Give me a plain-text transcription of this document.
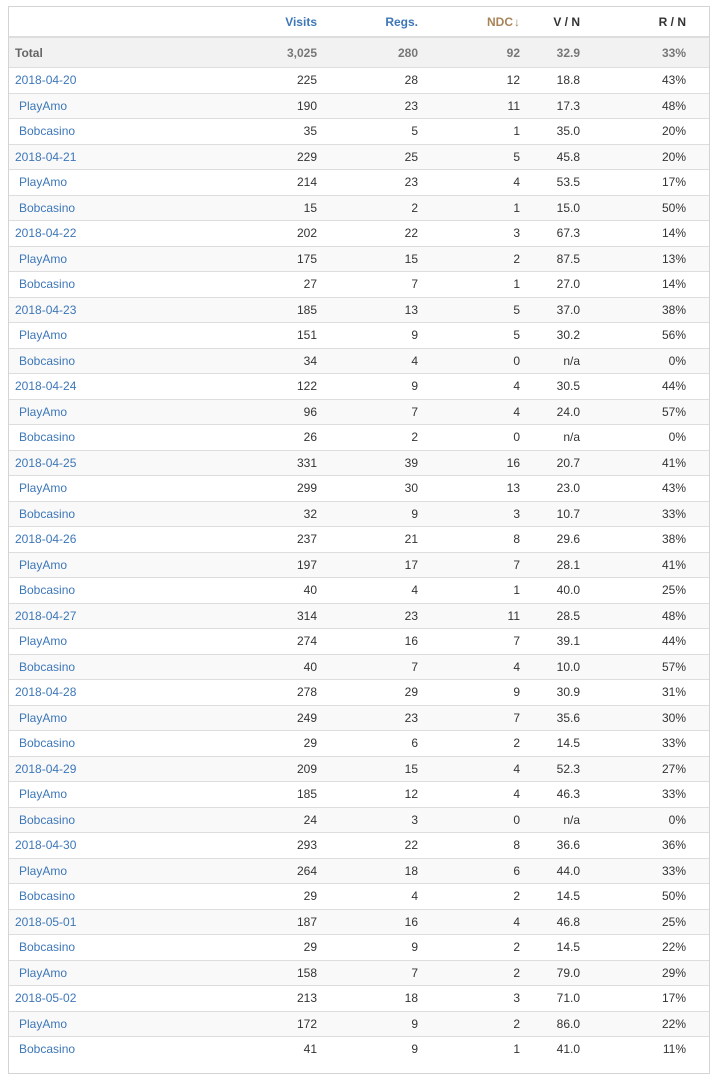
	Visits	Regs.	NDC↓	V / N	R / N
Total	3,025	280	92	32.9	33%
2018-04-20	225	28	12	18.8	43%
PlayAmo	190	23	11	17.3	48%
Bobcasino	35	5	1	35.0	20%
2018-04-21	229	25	5	45.8	20%
PlayAmo	214	23	4	53.5	17%
Bobcasino	15	2	1	15.0	50%
2018-04-22	202	22	3	67.3	14%
PlayAmo	175	15	2	87.5	13%
Bobcasino	27	7	1	27.0	14%
2018-04-23	185	13	5	37.0	38%
PlayAmo	151	9	5	30.2	56%
Bobcasino	34	4	0	n/a	0%
2018-04-24	122	9	4	30.5	44%
PlayAmo	96	7	4	24.0	57%
Bobcasino	26	2	0	n/a	0%
2018-04-25	331	39	16	20.7	41%
PlayAmo	299	30	13	23.0	43%
Bobcasino	32	9	3	10.7	33%
2018-04-26	237	21	8	29.6	38%
PlayAmo	197	17	7	28.1	41%
Bobcasino	40	4	1	40.0	25%
2018-04-27	314	23	11	28.5	48%
PlayAmo	274	16	7	39.1	44%
Bobcasino	40	7	4	10.0	57%
2018-04-28	278	29	9	30.9	31%
PlayAmo	249	23	7	35.6	30%
Bobcasino	29	6	2	14.5	33%
2018-04-29	209	15	4	52.3	27%
PlayAmo	185	12	4	46.3	33%
Bobcasino	24	3	0	n/a	0%
2018-04-30	293	22	8	36.6	36%
PlayAmo	264	18	6	44.0	33%
Bobcasino	29	4	2	14.5	50%
2018-05-01	187	16	4	46.8	25%
Bobcasino	29	9	2	14.5	22%
PlayAmo	158	7	2	79.0	29%
2018-05-02	213	18	3	71.0	17%
PlayAmo	172	9	2	86.0	22%
Bobcasino	41	9	1	41.0	11%
